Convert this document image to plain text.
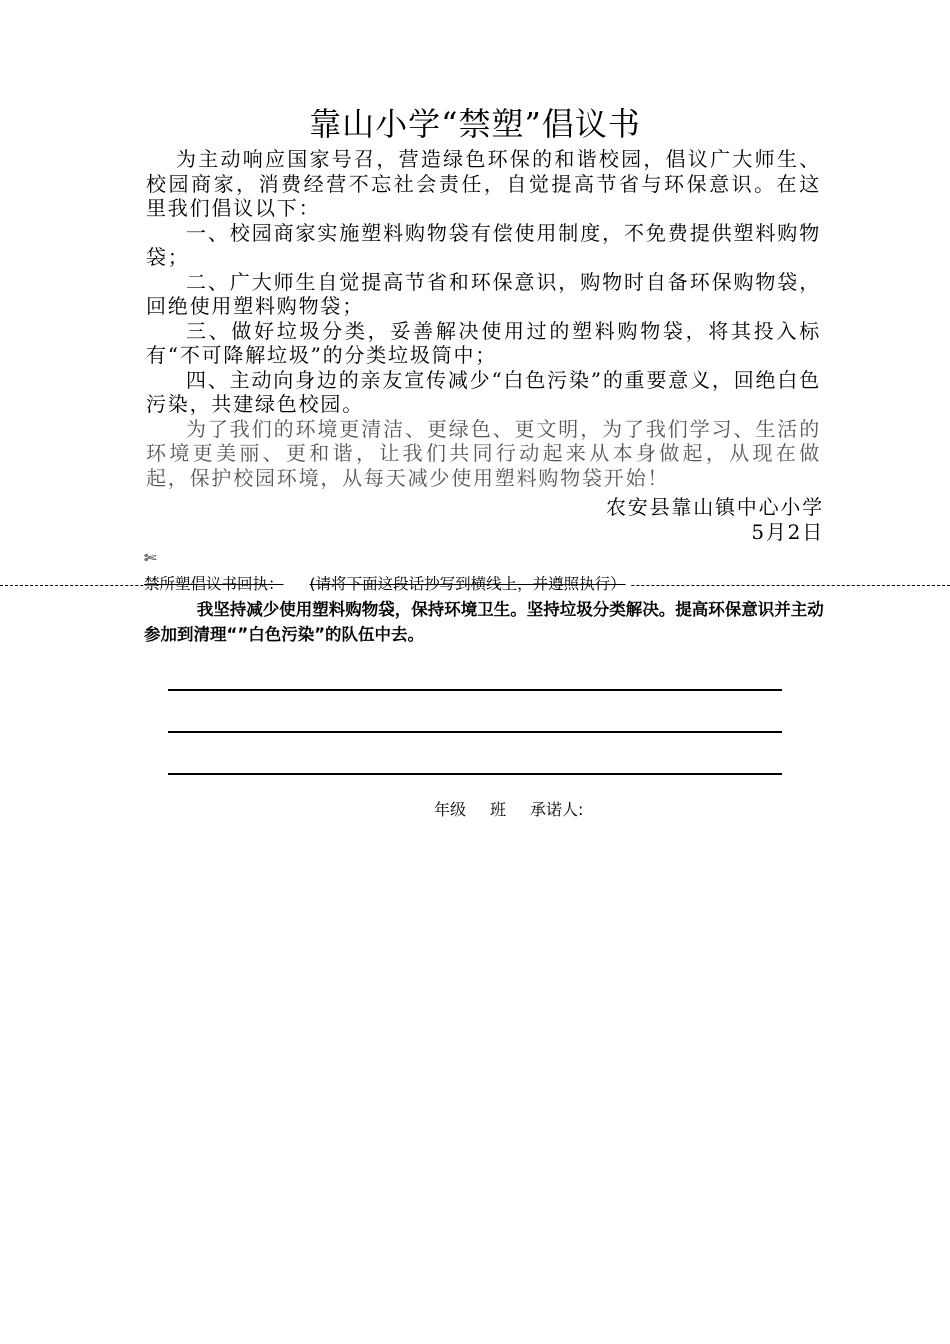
靠山小学“禁塑”倡议书

为主动响应国家号召，营造绿色环保的和谐校园，倡议广大师生、校园商家，消费经营不忘社会责任，自觉提高节省与环保意识。在这里我们倡议以下：

一、校园商家实施塑料购物袋有偿使用制度，不免费提供塑料购物袋；

二、广大师生自觉提高节省和环保意识，购物时自备环保购物袋，回绝使用塑料购物袋；

三、做好垃圾分类，妥善解决使用过的塑料购物袋，将其投入标有“不可降解垃圾”的分类垃圾筒中；

四、主动向身边的亲友宣传减少“白色污染”的重要意义，回绝白色污染，共建绿色校园。

为了我们的环境更清洁、更绿色、更文明，为了我们学习、生活的环境更美丽、更和谐，让我们共同行动起来从本身做起，从现在做起，保护校园环境，从每天减少使用塑料购物袋开始！

农安县靠山镇中心小学
5月2日
✄
禁所塑倡议书回执： (请将下面这段话抄写到横线上，并遵照执行）

我坚持减少使用塑料购物袋，保持环境卫生。坚持垃圾分类解决。提高环保意识并主动参加到清理“”白色污染”的队伍中去。

年级 班 承诺人:
